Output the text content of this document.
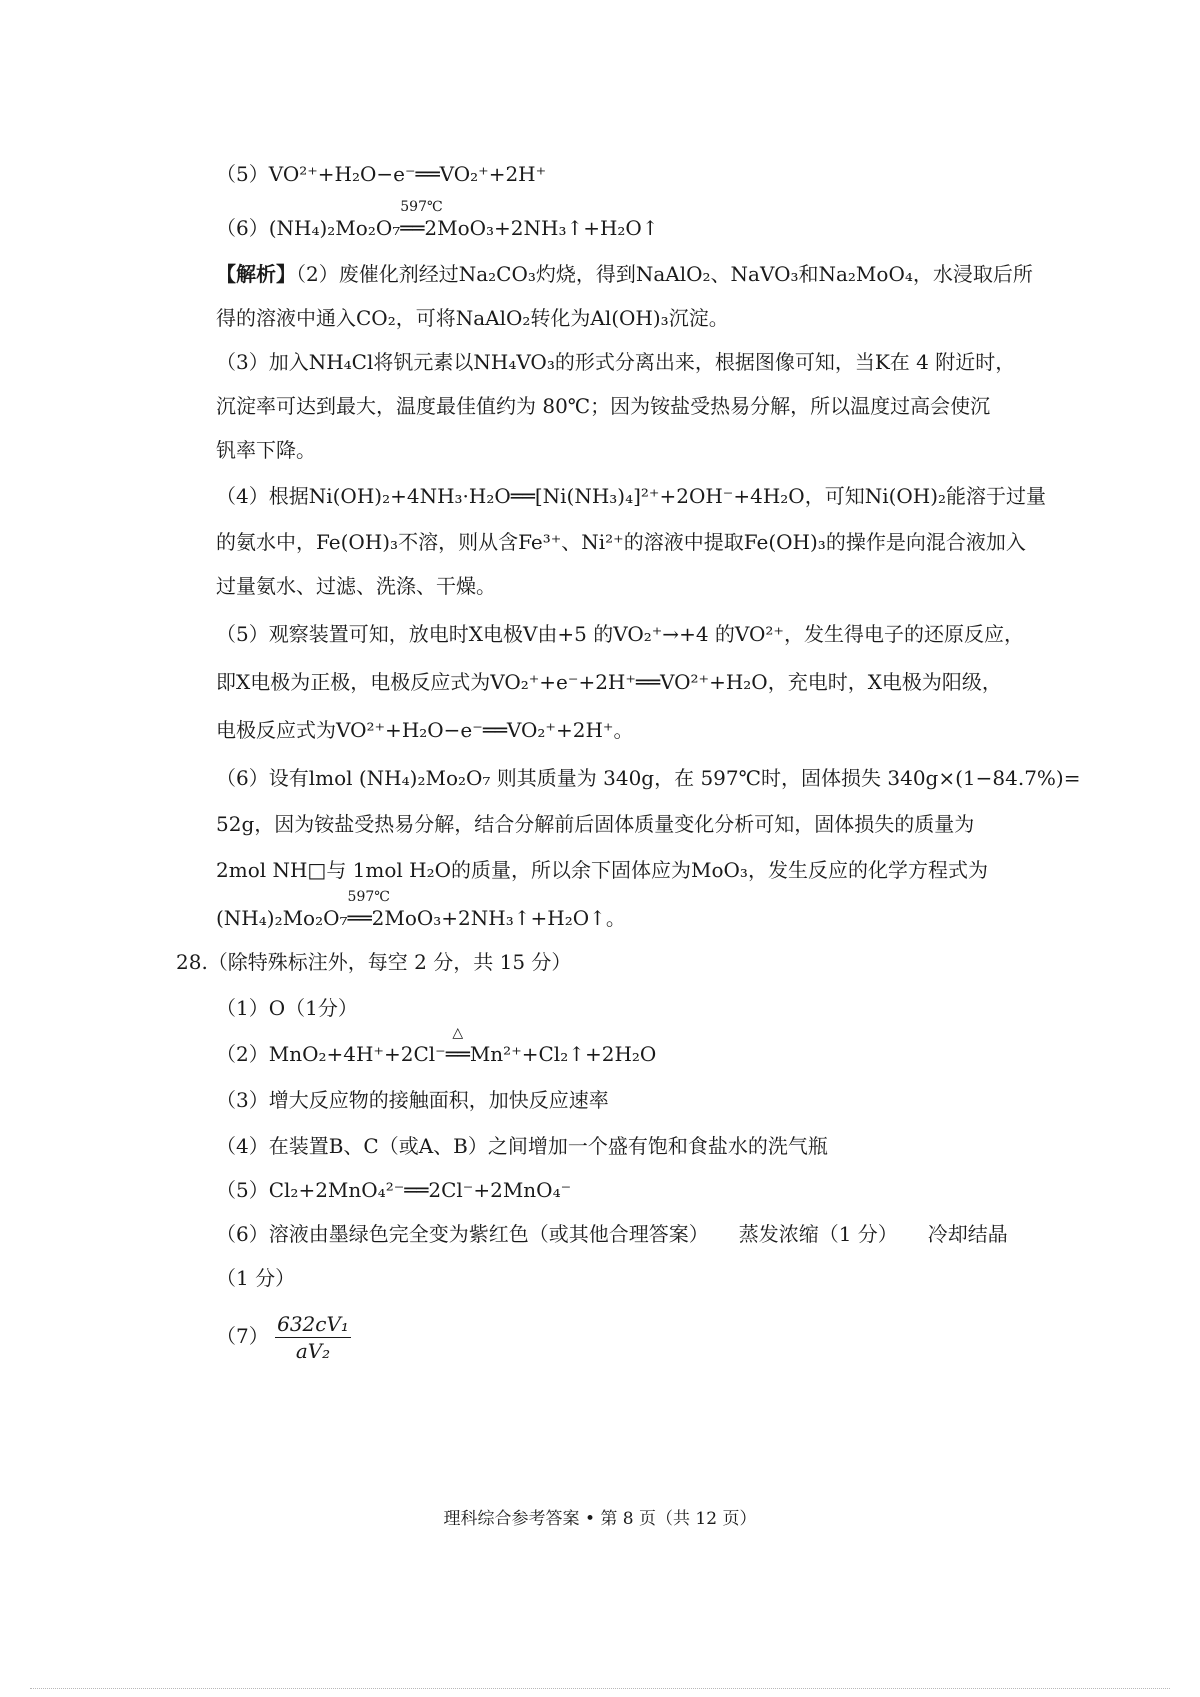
（5）VO²⁺+H₂O−e⁻══VO₂⁺+2H⁺
（6）(NH₄)₂Mo₂O₇
597℃
══2MoO₃+2NH₃↑+H₂O↑
【解析】（2）废催化剂经过Na₂CO₃灼烧，得到NaAlO₂、NaVO₃和Na₂MoO₄，水浸取后所
得的溶液中通入CO₂，可将NaAlO₂转化为Al(OH)₃沉淀。
（3）加入NH₄Cl将钒元素以NH₄VO₃的形式分离出来，根据图像可知，当K在 4 附近时，
沉淀率可达到最大，温度最佳值约为 80℃；因为铵盐受热易分解，所以温度过高会使沉
钒率下降。
（4）根据Ni(OH)₂+4NH₃·H₂O══[Ni(NH₃)₄]²⁺+2OH⁻+4H₂O，可知Ni(OH)₂能溶于过量
的氨水中，Fe(OH)₃不溶，则从含Fe³⁺、Ni²⁺的溶液中提取Fe(OH)₃的操作是向混合液加入
过量氨水、过滤、洗涤、干燥。
（5）观察装置可知，放电时X电极V由+5 的VO₂⁺→+4 的VO²⁺，发生得电子的还原反应，
即X电极为正极，电极反应式为VO₂⁺+e⁻+2H⁺══VO²⁺+H₂O，充电时，X电极为阳级，
电极反应式为VO²⁺+H₂O−e⁻══VO₂⁺+2H⁺。
（6）设有lmol (NH₄)₂Mo₂O₇ 则其质量为 340g，在 597℃时，固体损失 340g×(1−84.7%)=
52g，因为铵盐受热易分解，结合分解前后固体质量变化分析可知，固体损失的质量为
2mol NH□与 1mol H₂O的质量，所以余下固体应为MoO₃，发生反应的化学方程式为
(NH₄)₂Mo₂O₇
597℃
══2MoO₃+2NH₃↑+H₂O↑。
28.（除特殊标注外，每空 2 分，共 15 分）
（1）O（1分）
（2）MnO₂+4H⁺+2Cl⁻
△
══Mn²⁺+Cl₂↑+2H₂O
（3）增大反应物的接触面积，加快反应速率
（4）在装置B、C（或A、B）之间增加一个盛有饱和食盐水的洗气瓶
（5）Cl₂+2MnO₄²⁻══2Cl⁻+2MnO₄⁻
（6）溶液由墨绿色完全变为紫红色（或其他合理答案）　　蒸发浓缩（1 分）　　冷却结晶
（1 分）
$(7) \frac{\text{632cV₁}}{\text{aV₂}}$
理科综合参考答案 • 第 8 页（共 12 页）
